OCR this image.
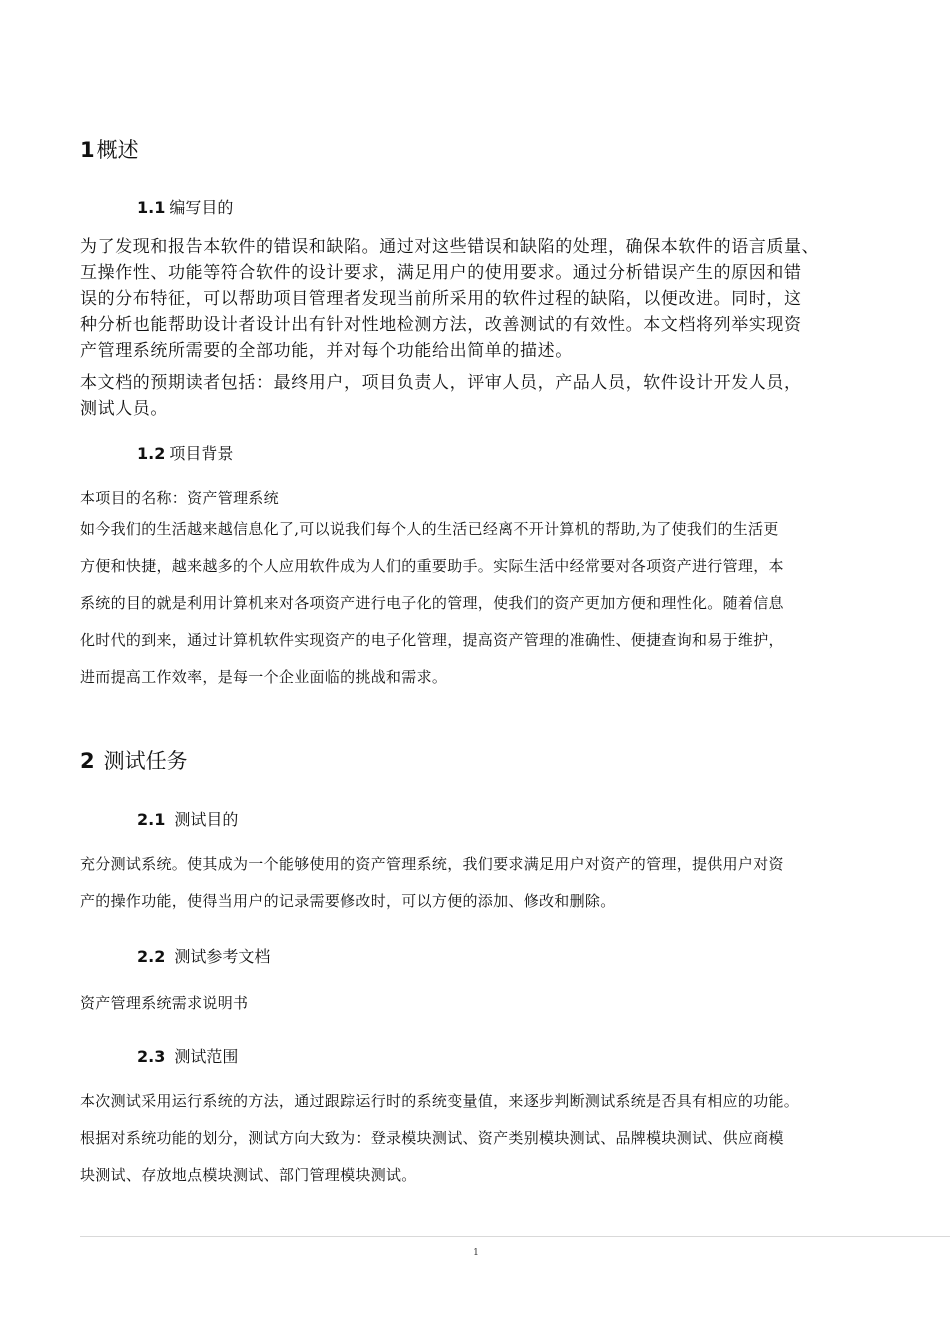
1概述
1.1 编写目的
为了发现和报告本软件的错误和缺陷。通过对这些错误和缺陷的处理，确保本软件的语言质量、
互操作性、功能等符合软件的设计要求，满足用户的使用要求。通过分析错误产生的原因和错
误的分布特征，可以帮助项目管理者发现当前所采用的软件过程的缺陷，以便改进。同时，这
种分析也能帮助设计者设计出有针对性地检测方法，改善测试的有效性。本文档将列举实现资
产管理系统所需要的全部功能，并对每个功能给出简单的描述。
本文档的预期读者包括：最终用户，项目负责人，评审人员，产品人员，软件设计开发人员，
测试人员。
1.2 项目背景

本项目的名称：资产管理系统

如今我们的生活越来越信息化了,可以说我们每个人的生活已经离不开计算机的帮助,为了使我们的生活更
方便和快捷，越来越多的个人应用软件成为人们的重要助手。实际生活中经常要对各项资产进行管理，本
系统的目的就是利用计算机来对各项资产进行电子化的管理，使我们的资产更加方便和理性化。随着信息
化时代的到来，通过计算机软件实现资产的电子化管理，提高资产管理的准确性、便捷查询和易于维护，
进而提高工作效率，是每一个企业面临的挑战和需求。
2 测试任务
2.1 测试目的
充分测试系统。使其成为一个能够使用的资产管理系统，我们要求满足用户对资产的管理，提供用户对资
产的操作功能，使得当用户的记录需要修改时，可以方便的添加、修改和删除。
2.2 测试参考文档

资产管理系统需求说明书

2.3 测试范围
本次测试采用运行系统的方法，通过跟踪运行时的系统变量值，来逐步判断测试系统是否具有相应的功能。
根据对系统功能的划分，测试方向大致为：登录模块测试、资产类别模块测试、品牌模块测试、供应商模
块测试、存放地点模块测试、部门管理模块测试。
1
